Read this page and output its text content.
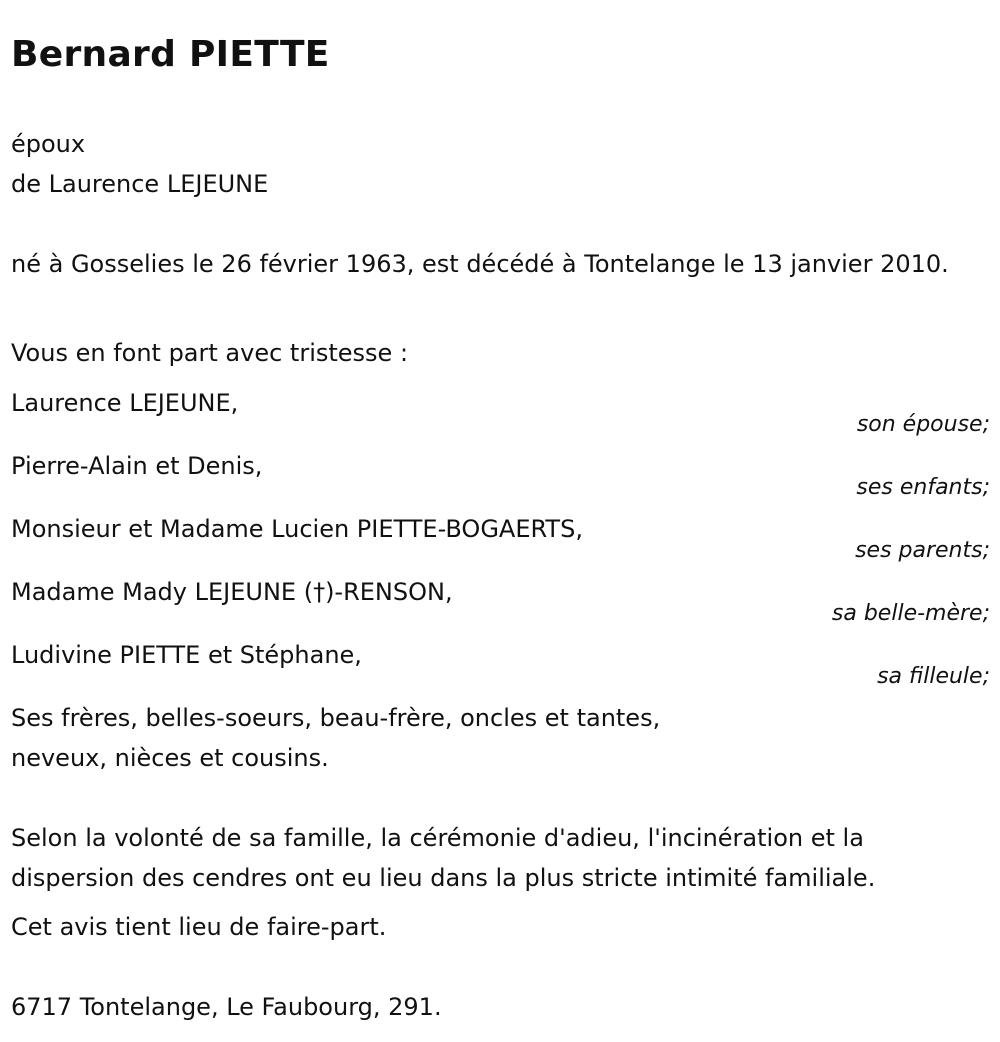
Bernard PIETTE
époux
de Laurence LEJEUNE
né à Gosselies le 26 février 1963, est décédé à Tontelange le 13 janvier 2010.
Vous en font part avec tristesse :
Laurence LEJEUNE,
son épouse;
Pierre-Alain et Denis,
ses enfants;
Monsieur et Madame Lucien PIETTE-BOGAERTS,
ses parents;
Madame Mady LEJEUNE (†)-RENSON,
sa belle-mère;
Ludivine PIETTE et Stéphane,
sa filleule;
Ses frères, belles-soeurs, beau-frère, oncles et tantes,
neveux, nièces et cousins.
Selon la volonté de sa famille, la cérémonie d'adieu, l'incinération et la dispersion des cendres ont eu lieu dans la plus stricte intimité familiale.
Cet avis tient lieu de faire-part.
6717 Tontelange, Le Faubourg, 291.
